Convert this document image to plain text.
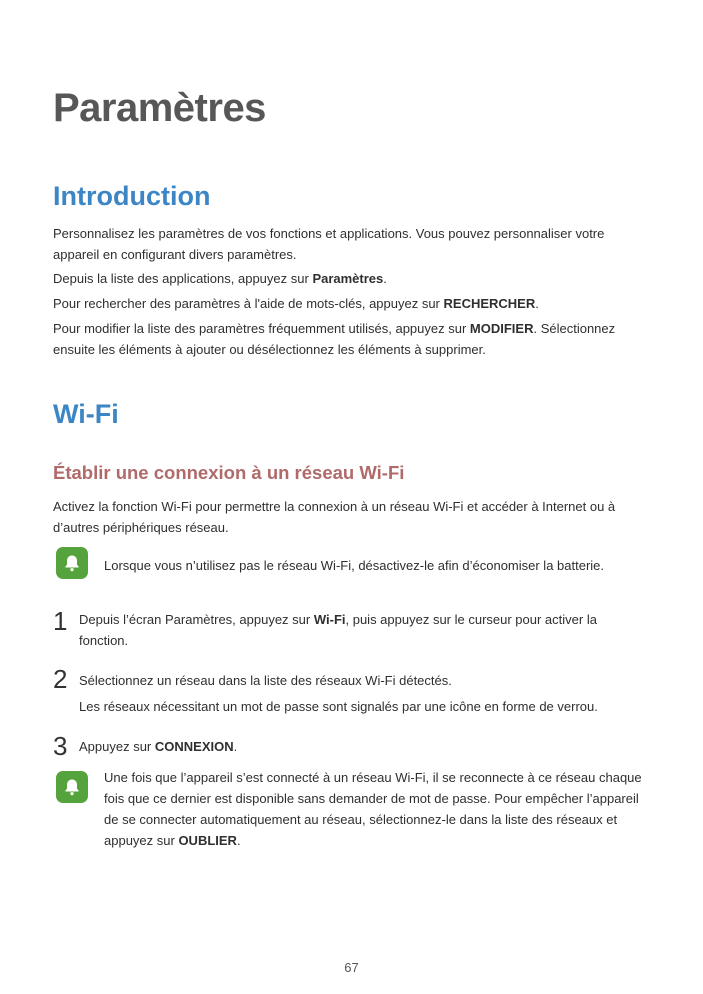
Paramètres
Introduction

Personnalisez les paramètres de vos fonctions et applications. Vous pouvez personnaliser votre appareil en configurant divers paramètres.

Depuis la liste des applications, appuyez sur Paramètres.

Pour rechercher des paramètres à l'aide de mots-clés, appuyez sur RECHERCHER.

Pour modifier la liste des paramètres fréquemment utilisés, appuyez sur MODIFIER. Sélectionnez ensuite les éléments à ajouter ou désélectionnez les éléments à supprimer.

Wi-Fi
Établir une connexion à un réseau Wi-Fi

Activez la fonction Wi-Fi pour permettre la connexion à un réseau Wi-Fi et accéder à Internet ou à d’autres périphériques réseau.

Lorsque vous n’utilisez pas le réseau Wi-Fi, désactivez-le afin d’économiser la batterie.

1 Depuis l’écran Paramètres, appuyez sur Wi-Fi, puis appuyez sur le curseur pour activer la fonction.

2 Sélectionnez un réseau dans la liste des réseaux Wi-Fi détectés.

Les réseaux nécessitant un mot de passe sont signalés par une icône en forme de verrou.

3 Appuyez sur CONNEXION.

Une fois que l’appareil s’est connecté à un réseau Wi-Fi, il se reconnecte à ce réseau chaque fois que ce dernier est disponible sans demander de mot de passe. Pour empêcher l’appareil de se connecter automatiquement au réseau, sélectionnez-le dans la liste des réseaux et appuyez sur OUBLIER.

67
